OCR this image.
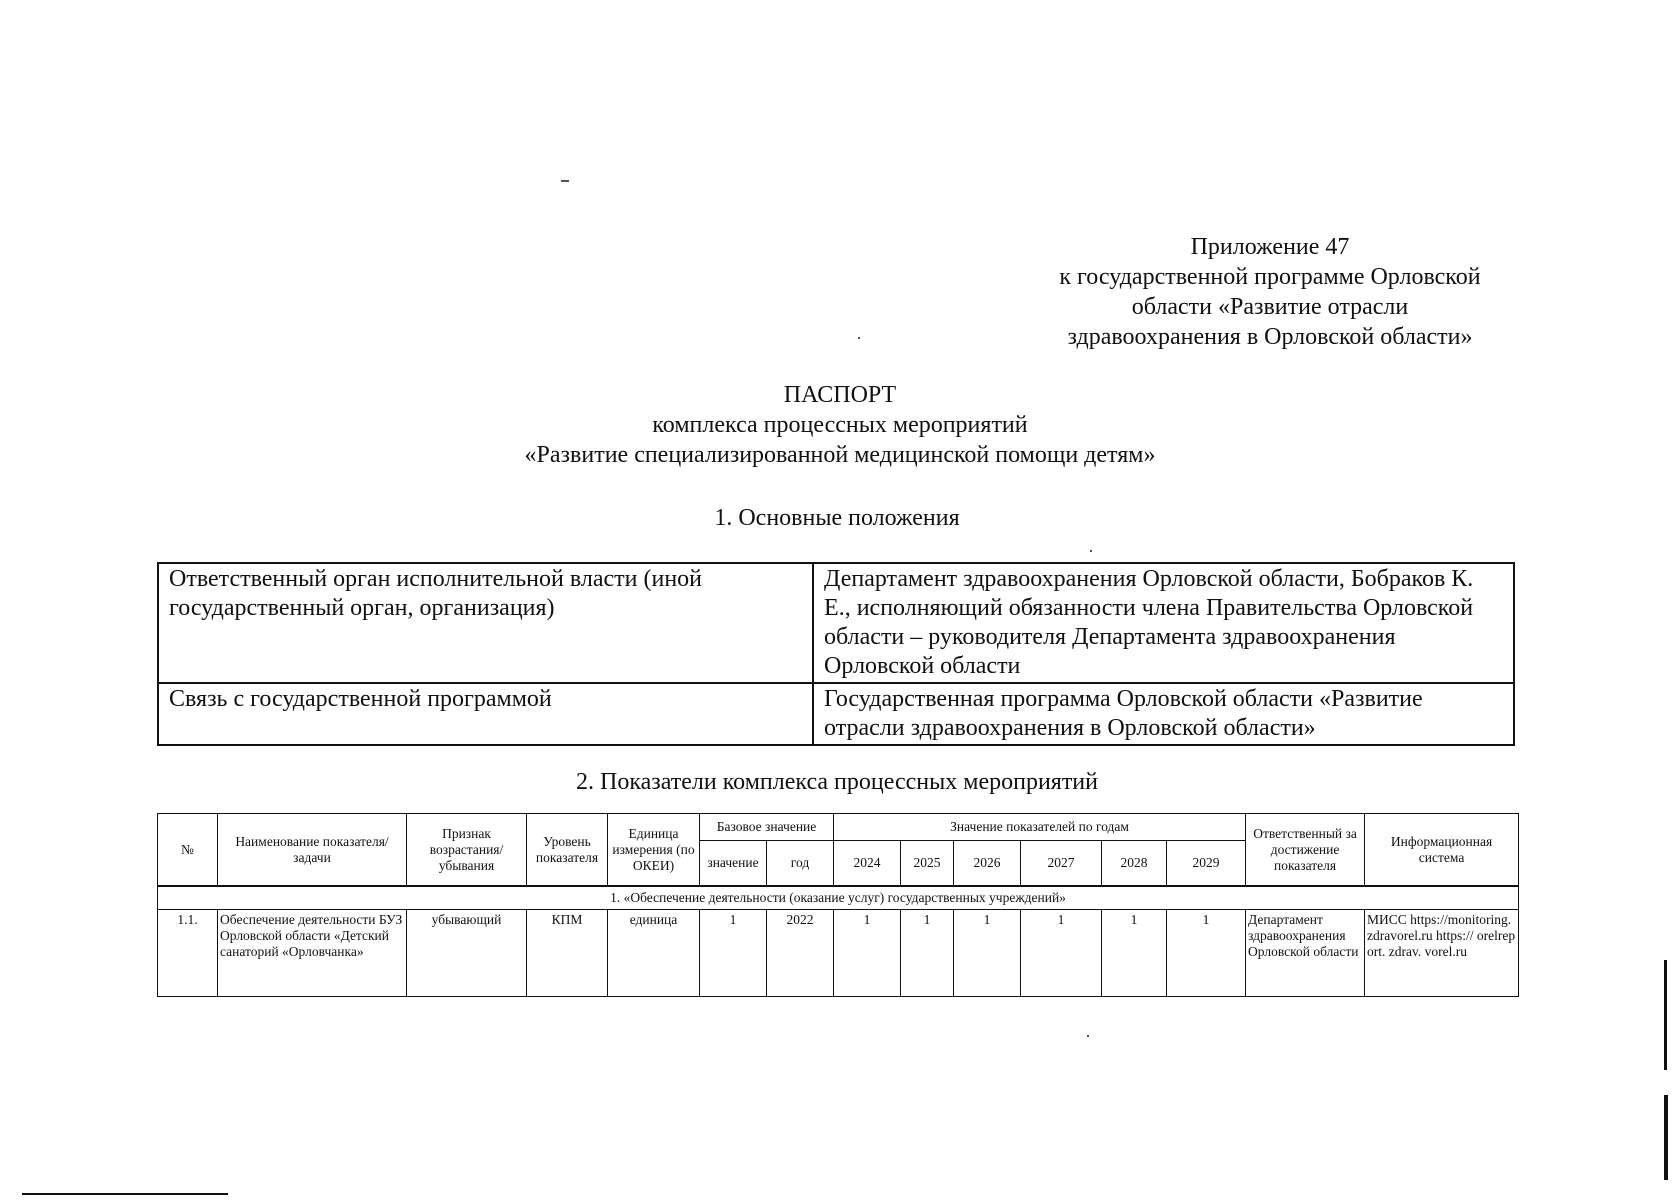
Приложение 47
к государственной программе Орловской
области «Развитие отрасли
здравоохранения в Орловской области»
ПАСПОРТ
комплекса процессных мероприятий
«Развитие специализированной медицинской помощи детям»
1. Основные положения
Ответственный орган исполнительной власти (иной государственный орган, организация)	Департамент здравоохранения Орловской области, Бобраков К. Е., исполняющий обязанности члена Правительства Орловской области – руководителя Департамента здравоохранения Орловской области
Связь с государственной программой	Государственная программа Орловской области «Развитие отрасли здравоохранения в Орловской области»
2. Показатели комплекса процессных мероприятий
№	Наименование показателя/задачи	Признак возрастания/ убывания	Уровень показателя	Единица измерения (по ОКЕИ)	Базовое значение		Значение показателей по годам						Ответственный за достижение показателя	Информационная система
					значение	год	2024	2025	2026	2027	2028	2029		
1. «Обеспечение деятельности (оказание услуг) государственных учреждений»														
1.1.	Обеспечение деятельности БУЗ Орловской области «Детский санаторий «Орловчанка»	убывающий	КПМ	единица	1	2022	1	1	1	1	1	1	Департамент здравоохранения Орловской области	МИСС https://monitoring.zdravorel.ru https:// orelreport. zdrav. vorel.ru
